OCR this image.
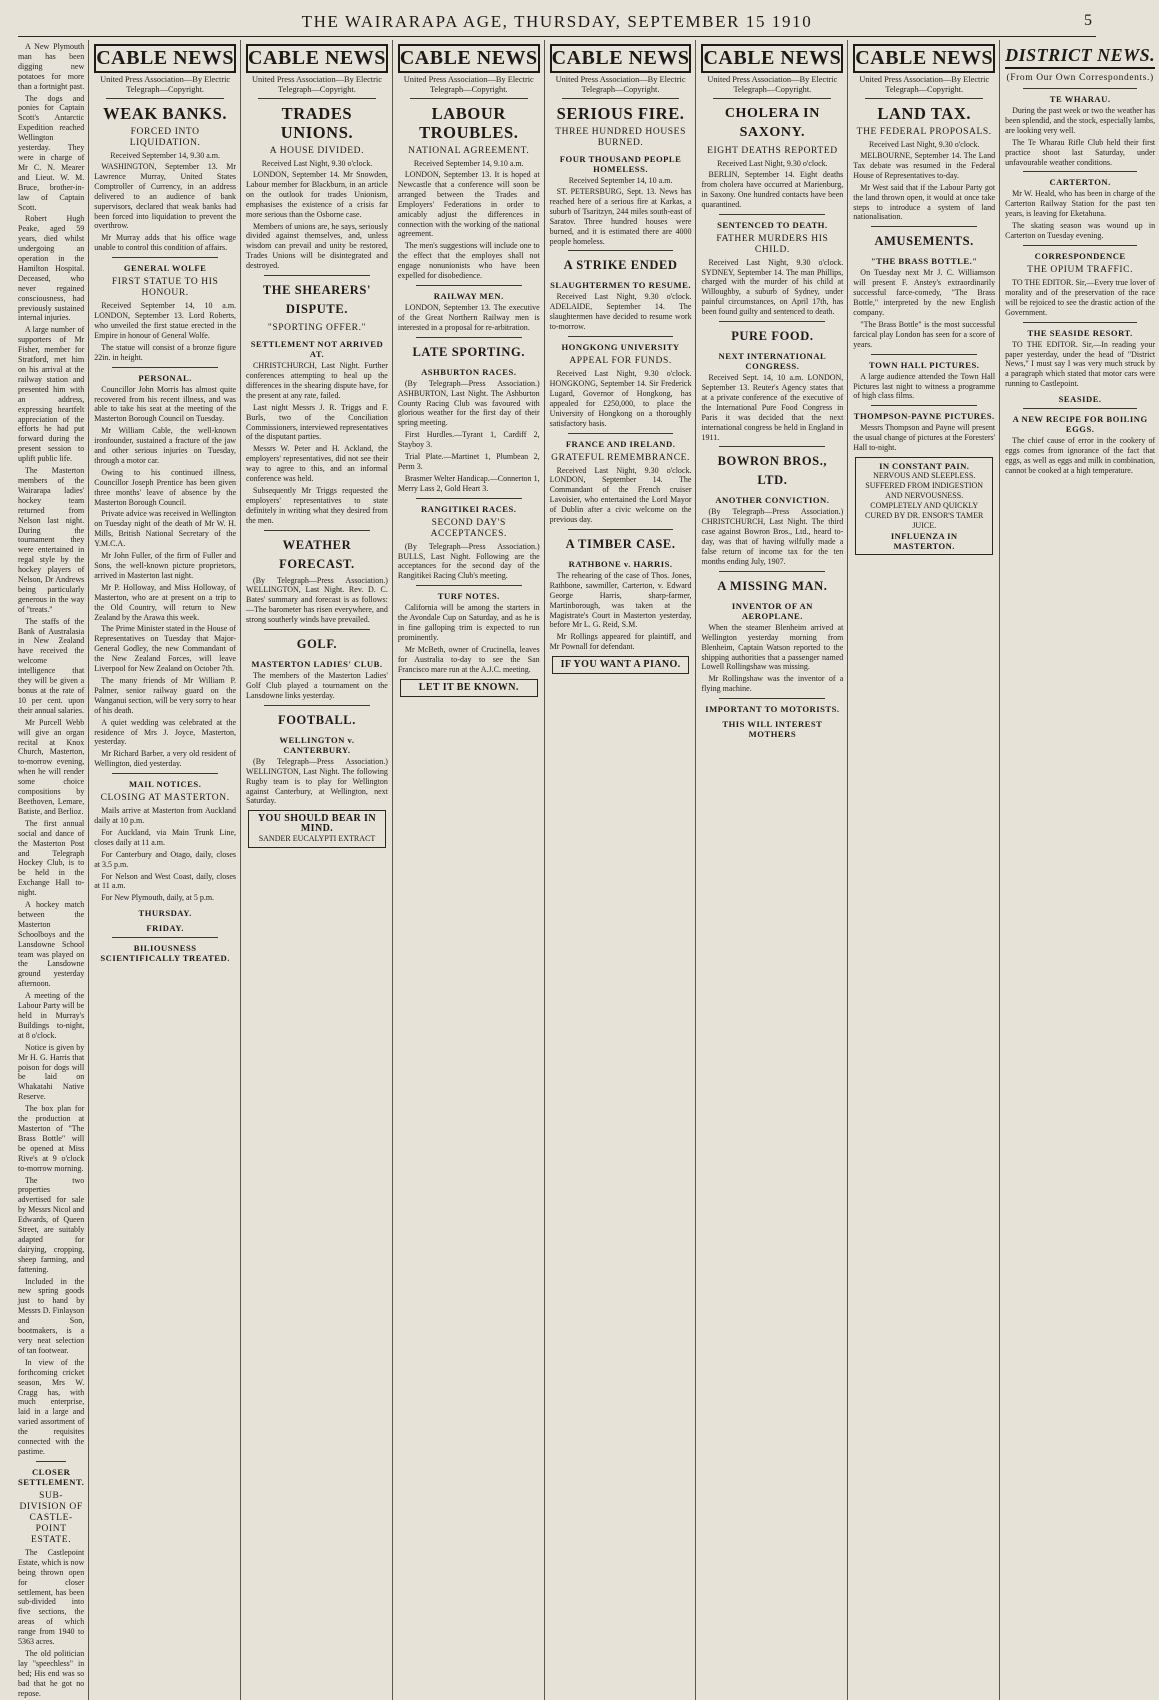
THE WAIRARAPA AGE, THURSDAY, SEPTEMBER 15 1910	5

A New Plymouth man has been digging new potatoes for more than a fortnight past.

The dogs and ponies for Captain Scott's Antarctic Expedition reached Wellington yesterday. They were in charge of Mr C. N. Mearer and Lieut. W. M. Bruce, brother-in-law of Captain Scott.

Robert Hugh Peake, aged 59 years, died whilst undergoing an operation in the Hamilton Hospital. Deceased, who never regained consciousness, had previously sustained internal injuries.

A large number of supporters of Mr Fisher, member for Stratford, met him on his arrival at the railway station and presented him with an address, expressing heartfelt appreciation of the efforts he had put forward during the present session to uplift public life.

The Masterton members of the Wairarapa ladies' hockey team returned from Nelson last night. During the tournament they were entertained in regal style by the hockey players of Nelson, Dr Andrews being particularly generous in the way of "treats."

The staffs of the Bank of Australasia in New Zealand have received the welcome intelligence that they will be given a bonus at the rate of 10 per cent. upon their annual salaries.

Mr Purcell Webb will give an organ recital at Knox Church, Masterton, to-morrow evening, when he will render some choice compositions by Beethoven, Lemare, Batiste, and Berlioz.

The first annual social and dance of the Masterton Post and Telegraph Hockey Club, is to be held in the Exchange Hall to-night.

A hockey match between the Masterton Schoolboys and the Lansdowne School team was played on the Lansdowne ground yesterday afternoon.

A meeting of the Labour Party will be held in Murray's Buildings to-night, at 8 o'clock.

Notice is given by Mr H. G. Harris that poison for dogs will be laid on Whakatahi Native Reserve.

The box plan for the production at Masterton of "The Brass Bottle" will be opened at Miss Rive's at 9 o'clock to-morrow morning.

The two properties advertised for sale by Messrs Nicol and Edwards, of Queen Street, are suitably adapted for dairying, cropping, sheep farming, and fattening.

Included in the new spring goods just to hand by Messrs D. Finlayson and Son, bootmakers, is a very neat selection of tan footwear.

In view of the forthcoming cricket season, Mrs W. Cragg has, with much enterprise, laid in a large and varied assortment of the requisites connected with the pastime.

CLOSER SETTLEMENT.
SUB-DIVISION OF CASTLE-POINT ESTATE.

The Castlepoint Estate, which is now being thrown open for closer settlement, has been sub-divided into five sections, the areas of which range from 1940 to 5363 acres.

The old politician lay "speechless" in bed; His end was so bad that he got no repose.

CABLE NEWS
United Press Association—By Electric Telegraph—Copyright.
WEAK BANKS.
FORCED INTO LIQUIDATION.
Received September 14, 9.30 a.m.

WASHINGTON, September 13. Mr Lawrence Murray, United States Comptroller of Currency, in an address delivered to an audience of bank supervisors, declared that weak banks had been forced into liquidation to prevent the overthrow.

Mr Murray adds that his office wage unable to control this condition of affairs.

GENERAL WOLFE
FIRST STATUE TO HIS HONOUR.

Received September 14, 10 a.m. LONDON, September 13. Lord Roberts, who unveiled the first statue erected in the Empire in honour of General Wolfe.

The statue will consist of a bronze figure 22in. in height.

PERSONAL.

Councillor John Morris has almost quite recovered from his recent illness, and was able to take his seat at the meeting of the Masterton Borough Council on Tuesday.

Mr William Cable, the well-known ironfounder, sustained a fracture of the jaw and other serious injuries on Tuesday, through a motor car.

Owing to his continued illness, Councillor Joseph Prentice has been given three months' leave of absence by the Masterton Borough Council.

Private advice was received in Wellington on Tuesday night of the death of Mr W. H. Mills, British National Secretary of the Y.M.C.A.

Mr John Fuller, of the firm of Fuller and Sons, the well-known picture proprietors, arrived in Masterton last night.

Mr P. Holloway, and Miss Holloway, of Masterton, who are at present on a trip to the Old Country, will return to New Zealand by the Arawa this week.

The Prime Minister stated in the House of Representatives on Tuesday that Major-General Godley, the new Commandant of the New Zealand Forces, will leave Liverpool for New Zealand on October 7th.

The many friends of Mr William P. Palmer, senior railway guard on the Wanganui section, will be very sorry to hear of his death.

A quiet wedding was celebrated at the residence of Mrs J. Joyce, Masterton, yesterday.

Mr Richard Barber, a very old resident of Wellington, died yesterday.

MAIL NOTICES.
CLOSING AT MASTERTON.

Mails arrive at Masterton from Auckland daily at 10 p.m.

For Auckland, via Main Trunk Line, closes daily at 11 a.m.

For Canterbury and Otago, daily, closes at 3.5 p.m.

For Nelson and West Coast, daily, closes at 11 a.m.

For New Plymouth, daily, at 5 p.m.

THURSDAY.
FRIDAY.
BILIOUSNESS SCIENTIFICALLY TREATED.
CABLE NEWS
United Press Association—By Electric Telegraph—Copyright.
TRADES UNIONS.
A HOUSE DIVIDED.
Received Last Night, 9.30 o'clock.

LONDON, September 14. Mr Snowden, Labour member for Blackburn, in an article on the outlook for trades Unionism, emphasises the existence of a crisis far more serious than the Osborne case.

Members of unions are, he says, seriously divided against themselves, and, unless wisdom can prevail and unity be restored, Trades Unions will be disintegrated and destroyed.

THE SHEARERS' DISPUTE.
"SPORTING OFFER."
SETTLEMENT NOT ARRIVED AT.

CHRISTCHURCH, Last Night. Further conferences attempting to heal up the differences in the shearing dispute have, for the present at any rate, failed.

Last night Messrs J. R. Triggs and F. Burls, two of the Conciliation Commissioners, interviewed representatives of the disputant parties.

Messrs W. Peter and H. Ackland, the employers' representatives, did not see their way to agree to this, and an informal conference was held.

Subsequently Mr Triggs requested the employers' representatives to state definitely in writing what they desired from the men.

WEATHER FORECAST.

(By Telegraph—Press Association.) WELLINGTON, Last Night. Rev. D. C. Bates' summary and forecast is as follows:—The barometer has risen everywhere, and strong southerly winds have prevailed.

GOLF.
MASTERTON LADIES' CLUB.

The members of the Masterton Ladies' Golf Club played a tournament on the Lansdowne links yesterday.

FOOTBALL.
WELLINGTON v. CANTERBURY.

(By Telegraph—Press Association.) WELLINGTON, Last Night. The following Rugby team is to play for Wellington against Canterbury, at Wellington, next Saturday.

YOU SHOULD BEAR IN MIND.
SANDER EUCALYPTI EXTRACT
CABLE NEWS
United Press Association—By Electric Telegraph—Copyright.
LABOUR TROUBLES.
NATIONAL AGREEMENT.
Received September 14, 9.10 a.m.

LONDON, September 13. It is hoped at Newcastle that a conference will soon be arranged between the Trades and Employers' Federations in order to amicably adjust the differences in connection with the working of the national agreement.

The men's suggestions will include one to the effect that the employes shall not engage nonunionists who have been expelled for disobedience.

RAILWAY MEN.

LONDON, September 13. The executive of the Great Northern Railway men is interested in a proposal for re-arbitration.

LATE SPORTING.
ASHBURTON RACES.

(By Telegraph—Press Association.) ASHBURTON, Last Night. The Ashburton County Racing Club was favoured with glorious weather for the first day of their spring meeting.

First Hurdles.—Tyrant 1, Cardiff 2, Stayboy 3.

Trial Plate.—Martinet 1, Plumbean 2, Perm 3.

Brasmer Welter Handicap.—Connerton 1, Merry Lass 2, Gold Heart 3.

RANGITIKEI RACES.
SECOND DAY'S ACCEPTANCES.

(By Telegraph—Press Association.) BULLS, Last Night. Following are the acceptances for the second day of the Rangitikei Racing Club's meeting.

TURF NOTES.

California will be among the starters in the Avondale Cup on Saturday, and as he is in fine galloping trim is expected to run prominently.

Mr McBeth, owner of Crucinella, leaves for Australia to-day to see the San Francisco mare run at the A.J.C. meeting.

LET IT BE KNOWN.
CABLE NEWS
United Press Association—By Electric Telegraph—Copyright.
SERIOUS FIRE.
THREE HUNDRED HOUSES BURNED.
FOUR THOUSAND PEOPLE HOMELESS.
Received September 14, 10 a.m.

ST. PETERSBURG, Sept. 13. News has reached here of a serious fire at Karkas, a suburb of Tsaritzyn, 244 miles south-east of Saratov. Three hundred houses were burned, and it is estimated there are 4000 people homeless.

A STRIKE ENDED
SLAUGHTERMEN TO RESUME.

Received Last Night, 9.30 o'clock. ADELAIDE, September 14. The slaughtermen have decided to resume work to-morrow.

HONGKONG UNIVERSITY
APPEAL FOR FUNDS.

Received Last Night, 9.30 o'clock. HONGKONG, September 14. Sir Frederick Lugard, Governor of Hongkong, has appealed for £250,000, to place the University of Hongkong on a thoroughly satisfactory basis.

FRANCE AND IRELAND.
GRATEFUL REMEMBRANCE.

Received Last Night, 9.30 o'clock. LONDON, September 14. The Commandant of the French cruiser Lavoisier, who entertained the Lord Mayor of Dublin after a civic welcome on the previous day.

A TIMBER CASE.
RATHBONE v. HARRIS.

The rehearing of the case of Thos. Jones, Rathbone, sawmiller, Carterton, v. Edward George Harris, sharp-farmer, Martinborough, was taken at the Magistrate's Court in Masterton yesterday, before Mr L. G. Reid, S.M.

Mr Rollings appeared for plaintiff, and Mr Pownall for defendant.

IF YOU WANT A PIANO.
CABLE NEWS
United Press Association—By Electric Telegraph—Copyright.
CHOLERA IN SAXONY.
EIGHT DEATHS REPORTED
Received Last Night, 9.30 o'clock.

BERLIN, September 14. Eight deaths from cholera have occurred at Marienburg, in Saxony. One hundred contacts have been quarantined.

SENTENCED TO DEATH.
FATHER MURDERS HIS CHILD.

Received Last Night, 9.30 o'clock. SYDNEY, September 14. The man Phillips, charged with the murder of his child at Willoughby, a suburb of Sydney, under painful circumstances, on April 17th, has been found guilty and sentenced to death.

PURE FOOD.
NEXT INTERNATIONAL CONGRESS.

Received Sept. 14, 10 a.m. LONDON, September 13. Reuter's Agency states that at a private conference of the executive of the International Pure Food Congress in Paris it was decided that the next international congress be held in England in 1911.

BOWRON BROS., LTD.
ANOTHER CONVICTION.

(By Telegraph—Press Association.) CHRISTCHURCH, Last Night. The third case against Bowron Bros., Ltd., heard to-day, was that of having wilfully made a false return of income tax for the ten months ending July, 1907.

A MISSING MAN.
INVENTOR OF AN AEROPLANE.

When the steamer Blenheim arrived at Wellington yesterday morning from Blenheim, Captain Watson reported to the shipping authorities that a passenger named Lowell Rollingshaw was missing.

Mr Rollingshaw was the inventor of a flying machine.

IMPORTANT TO MOTORISTS.
THIS WILL INTEREST MOTHERS
CABLE NEWS
United Press Association—By Electric Telegraph—Copyright.
LAND TAX.
THE FEDERAL PROPOSALS.
Received Last Night, 9.30 o'clock.

MELBOURNE, September 14. The Land Tax debate was resumed in the Federal House of Representatives to-day.

Mr West said that if the Labour Party got the land thrown open, it would at once take steps to introduce a system of land nationalisation.

AMUSEMENTS.
"THE BRASS BOTTLE."

On Tuesday next Mr J. C. Williamson will present F. Anstey's extraordinarily successful farce-comedy, "The Brass Bottle," interpreted by the new English company.

"The Brass Bottle" is the most successful farcical play London has seen for a score of years.

TOWN HALL PICTURES.

A large audience attended the Town Hall Pictures last night to witness a programme of high class films.

THOMPSON-PAYNE PICTURES.

Messrs Thompson and Payne will present the usual change of pictures at the Foresters' Hall to-night.

IN CONSTANT PAIN.
NERVOUS AND SLEEPLESS.
SUFFERED FROM INDIGESTION AND NERVOUSNESS.
COMPLETELY AND QUICKLY CURED BY DR. ENSOR'S TAMER JUICE.
INFLUENZA IN MASTERTON.
DISTRICT NEWS.
(From Our Own Correspondents.)
TE WHARAU.

During the past week or two the weather has been splendid, and the stock, especially lambs, are looking very well.

The Te Wharau Rifle Club held their first practice shoot last Saturday, under unfavourable weather conditions.

CARTERTON.

Mr W. Heald, who has been in charge of the Carterton Railway Station for the past ten years, is leaving for Eketahuna.

The skating season was wound up in Carterton on Tuesday evening.

CORRESPONDENCE
THE OPIUM TRAFFIC.

TO THE EDITOR. Sir,—Every true lover of morality and of the preservation of the race will be rejoiced to see the drastic action of the Government.

THE SEASIDE RESORT.

TO THE EDITOR. Sir,—In reading your paper yesterday, under the head of "District News," I must say I was very much struck by a paragraph which stated that motor cars were running to Castlepoint.

SEASIDE.
A NEW RECIPE FOR BOILING EGGS.

The chief cause of error in the cookery of eggs comes from ignorance of the fact that eggs, as well as eggs and milk in combination, cannot be cooked at a high temperature.
